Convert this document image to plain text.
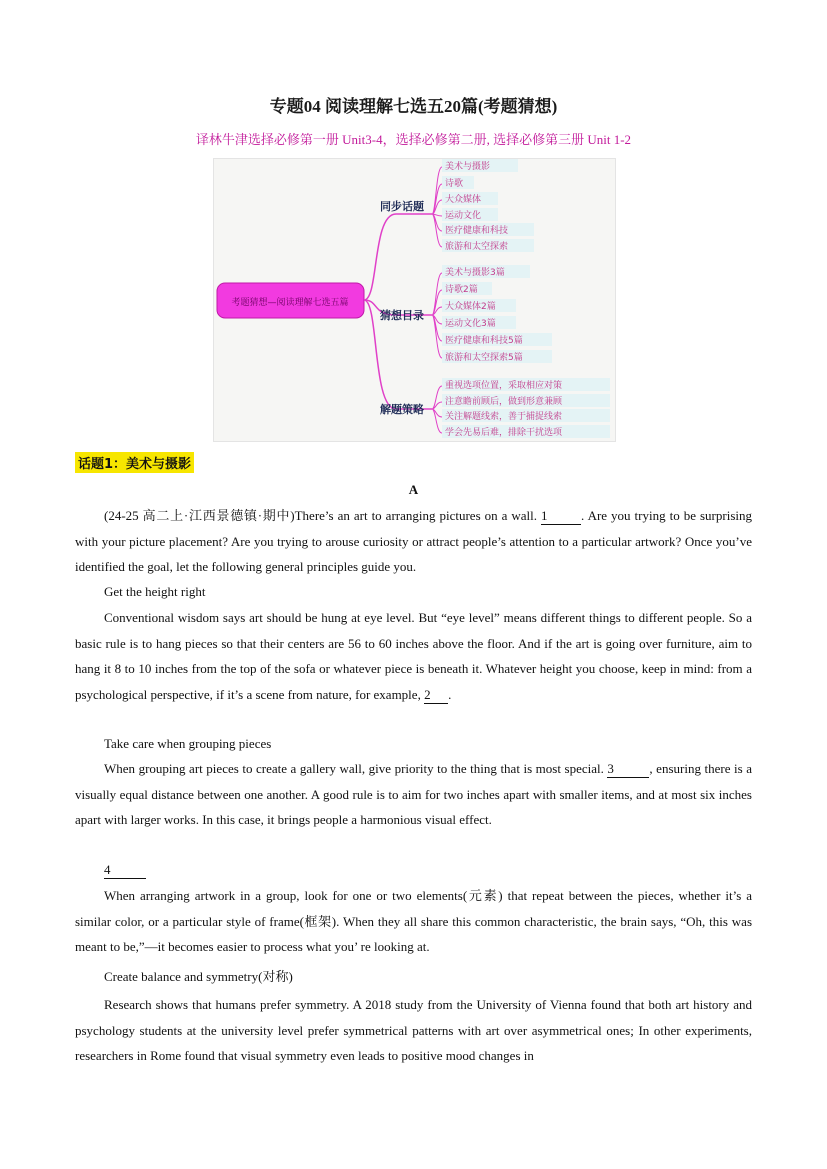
专题04 阅读理解七选五20篇(考题猜想)
译林牛津选择必修第一册 Unit3-4，选择必修第二册, 选择必修第三册 Unit 1-2
考题猜想—阅读理解七选五篇
同步话题
猜想目录
解题策略
美术与摄影
诗歌
大众媒体
运动文化
医疗健康和科技
旅游和太空探索
美术与摄影3篇
诗歌2篇
大众媒体2篇
运动文化3篇
医疗健康和科技5篇
旅游和太空探索5篇
重视选项位置，采取相应对策
注意瞻前顾后，做到形意兼顾
关注解题线索，善于捕捉线索
学会先易后难，排除干扰选项
话题1：美术与摄影
A
(24-25 高二上·江西景德镇·期中)There’s an art to arranging pictures on a wall. 1	. Are you trying to be surprising with your picture placement? Are you trying to arouse curiosity or attract people’s attention to a particular artwork? Once you’ve identified the goal, let the following general principles guide you.
Get the height right
Conventional wisdom says art should be hung at eye level. But “eye level” means different things to different people. So a basic rule is to hang pieces so that their centers are 56 to 60 inches above the floor. And if the art is going over furniture, aim to hang it 8 to 10 inches from the top of the sofa or whatever piece is beneath it. Whatever height you choose, keep in mind: from a psychological perspective, if it’s a scene from nature, for example, 2 .
Take care when grouping pieces
When grouping art pieces to create a gallery wall, give priority to the thing that is most special. 3	, ensuring there is a visually equal distance between one another. A good rule is to aim for two inches apart with smaller items, and at most six inches apart with larger works. In this case, it brings people a harmonious visual effect.
4
When arranging artwork in a group, look for one or two elements(元素) that repeat between the pieces, whether it’s a similar color, or a particular style of frame(框架). When they all share this common characteristic, the brain says, “Oh, this was meant to be,”—it becomes easier to process what you’ re looking at.
Create balance and symmetry(对称)
Research shows that humans prefer symmetry. A 2018 study from the University of Vienna found that both art history and psychology students at the university level prefer symmetrical patterns with art over asymmetrical ones; In other experiments, researchers in Rome found that visual symmetry even leads to positive mood changes in
